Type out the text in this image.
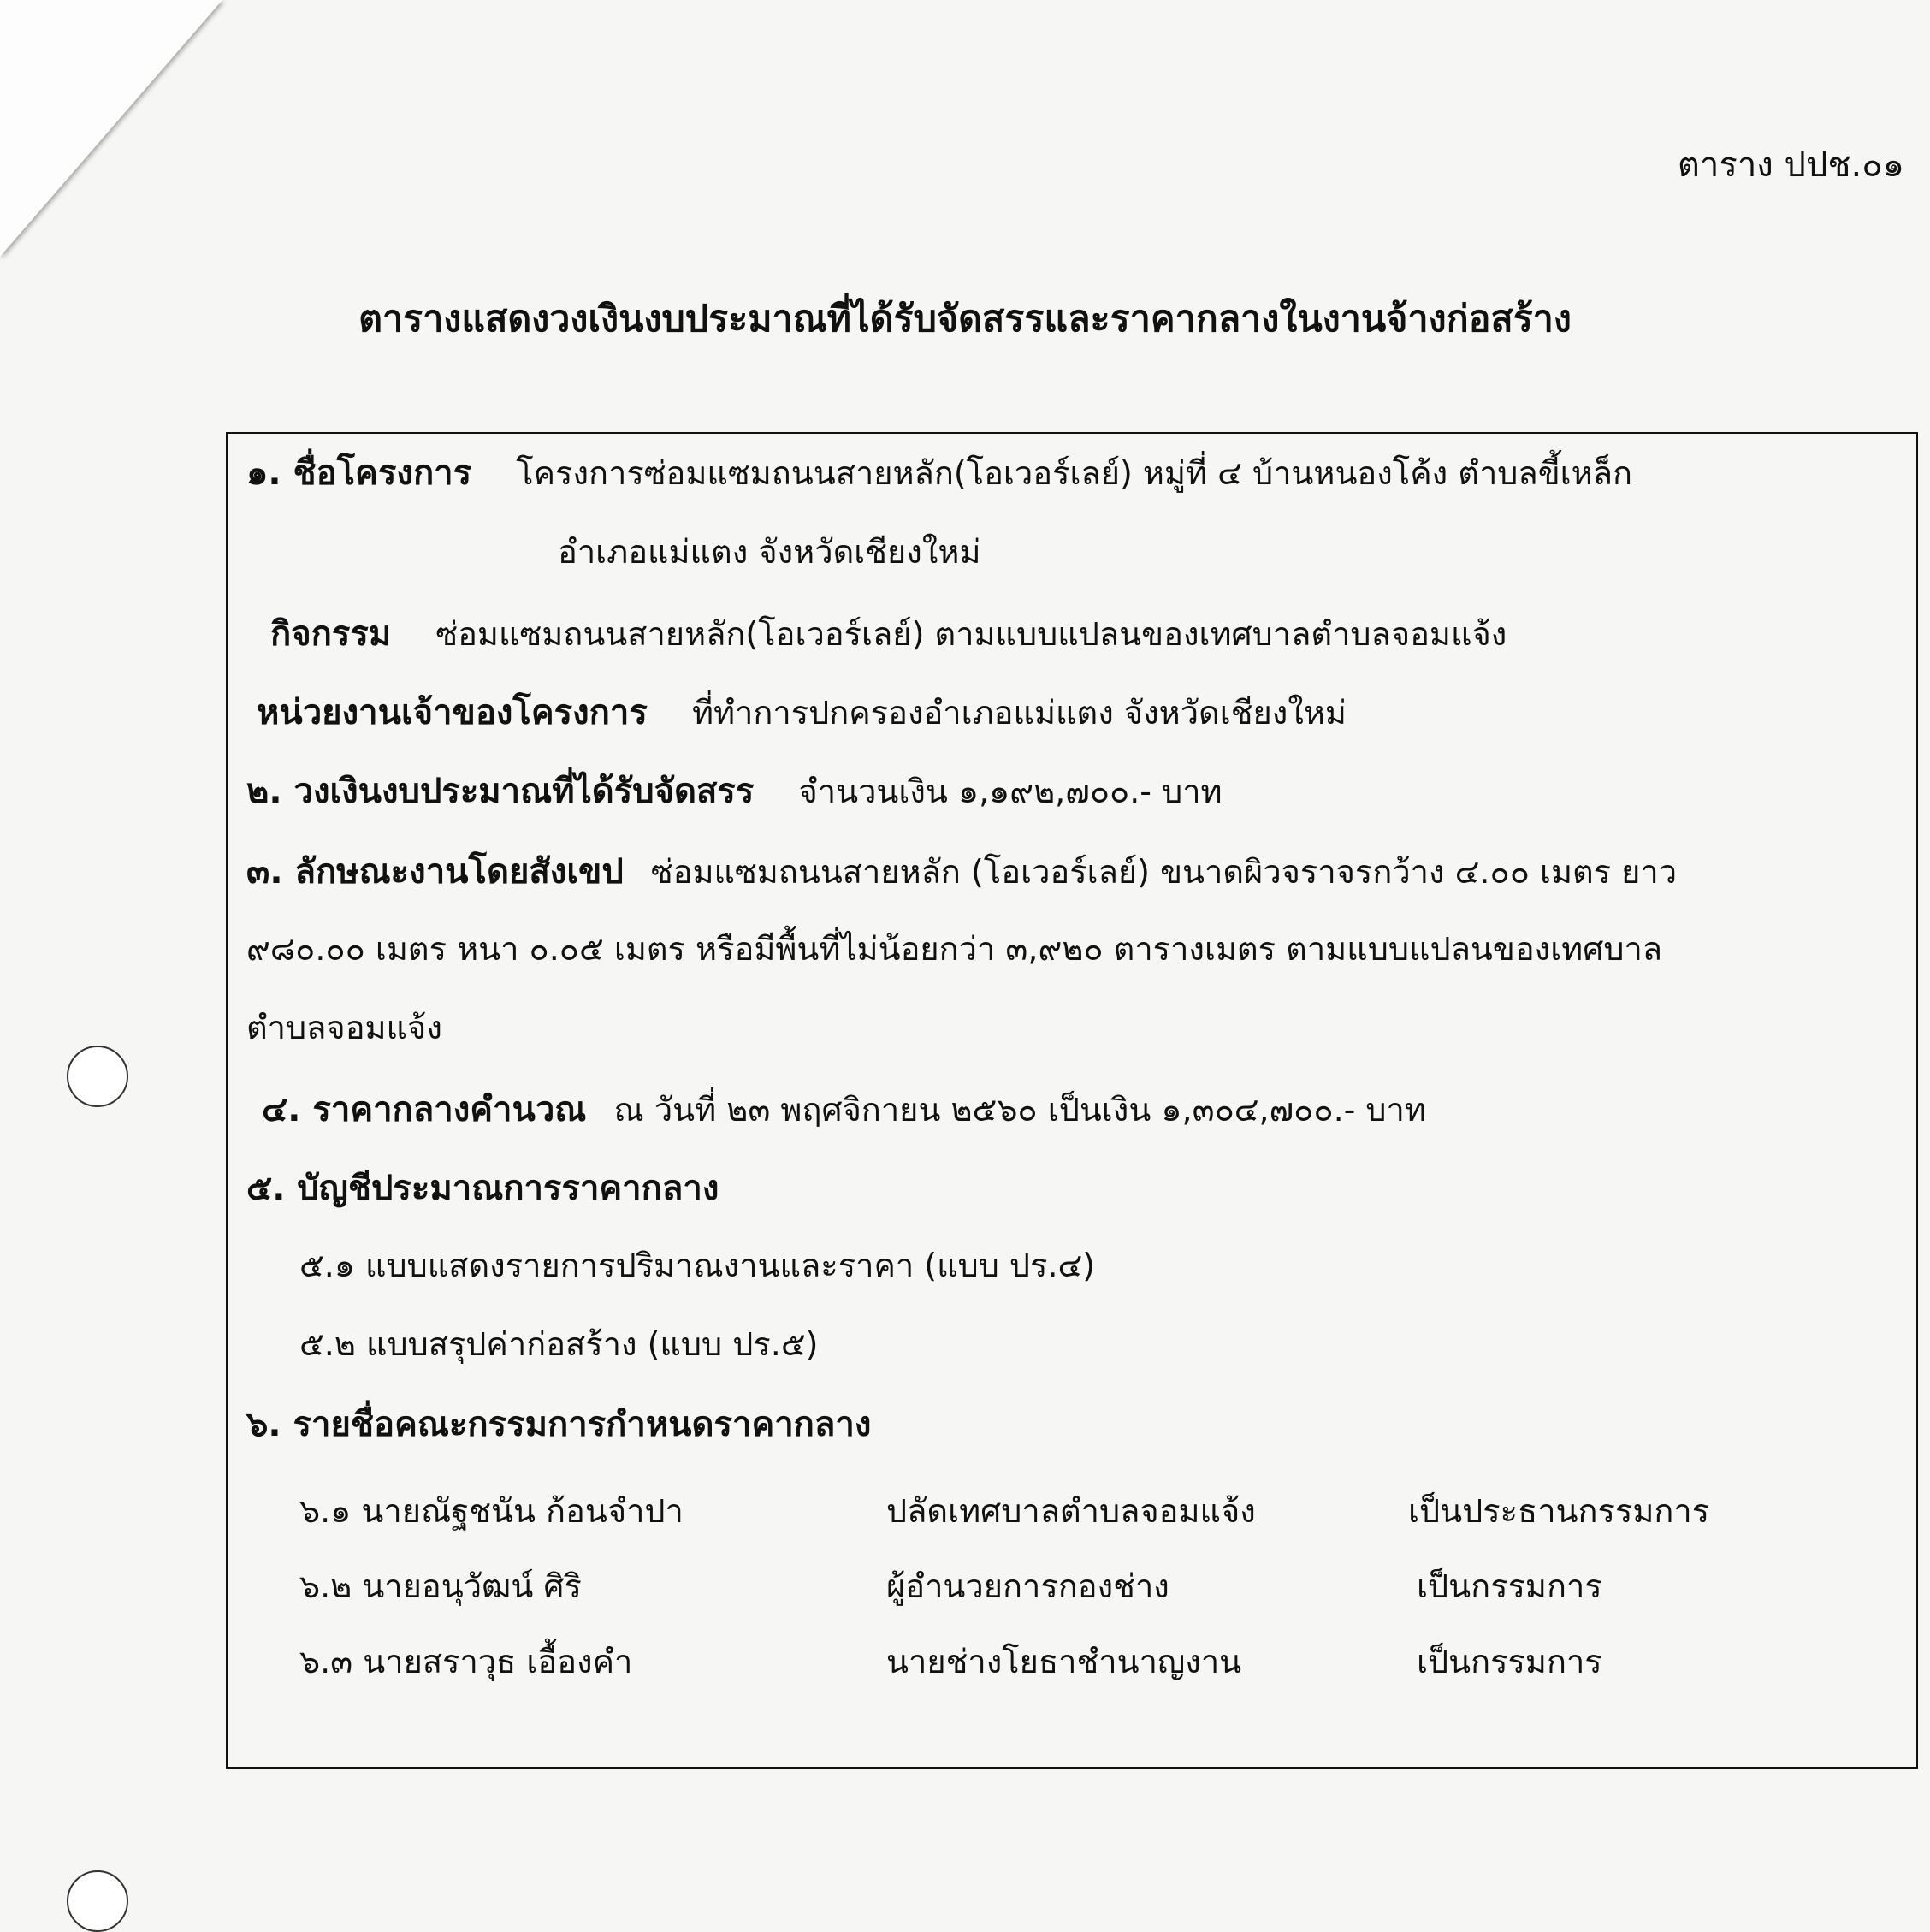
ตาราง ปปช.๐๑
ตารางแสดงวงเงินงบประมาณที่ได้รับจัดสรรและราคากลางในงานจ้างก่อสร้าง
๑. ชื่อโครงการ โครงการซ่อมแซมถนนสายหลัก(โอเวอร์เลย์) หมู่ที่ ๔ บ้านหนองโค้ง ตำบลขี้เหล็ก
อำเภอแม่แตง จังหวัดเชียงใหม่
กิจกรรม ซ่อมแซมถนนสายหลัก(โอเวอร์เลย์) ตามแบบแปลนของเทศบาลตำบลจอมแจ้ง
หน่วยงานเจ้าของโครงการ ที่ทำการปกครองอำเภอแม่แตง จังหวัดเชียงใหม่
๒. วงเงินงบประมาณที่ได้รับจัดสรร จำนวนเงิน ๑,๑๙๒,๗๐๐.- บาท
๓. ลักษณะงานโดยสังเขป ซ่อมแซมถนนสายหลัก (โอเวอร์เลย์) ขนาดผิวจราจรกว้าง ๔.๐๐ เมตร ยาว
๙๘๐.๐๐ เมตร หนา ๐.๐๕ เมตร หรือมีพื้นที่ไม่น้อยกว่า ๓,๙๒๐ ตารางเมตร ตามแบบแปลนของเทศบาล
ตำบลจอมแจ้ง
๔. ราคากลางคำนวณ ณ วันที่ ๒๓ พฤศจิกายน ๒๕๖๐ เป็นเงิน ๑,๓๐๔,๗๐๐.- บาท
๕. บัญชีประมาณการราคากลาง
๕.๑ แบบแสดงรายการปริมาณงานและราคา (แบบ ปร.๔)
๕.๒ แบบสรุปค่าก่อสร้าง (แบบ ปร.๕)
๖. รายชื่อคณะกรรมการกำหนดราคากลาง
๖.๑ นายณัฐชนัน ก้อนจำปา	ปลัดเทศบาลตำบลจอมแจ้ง	เป็นประธานกรรมการ
๖.๒ นายอนุวัฒน์ ศิริ	ผู้อำนวยการกองช่าง	เป็นกรรมการ
๖.๓ นายสราวุธ เอื้องคำ	นายช่างโยธาชำนาญงาน	เป็นกรรมการ
